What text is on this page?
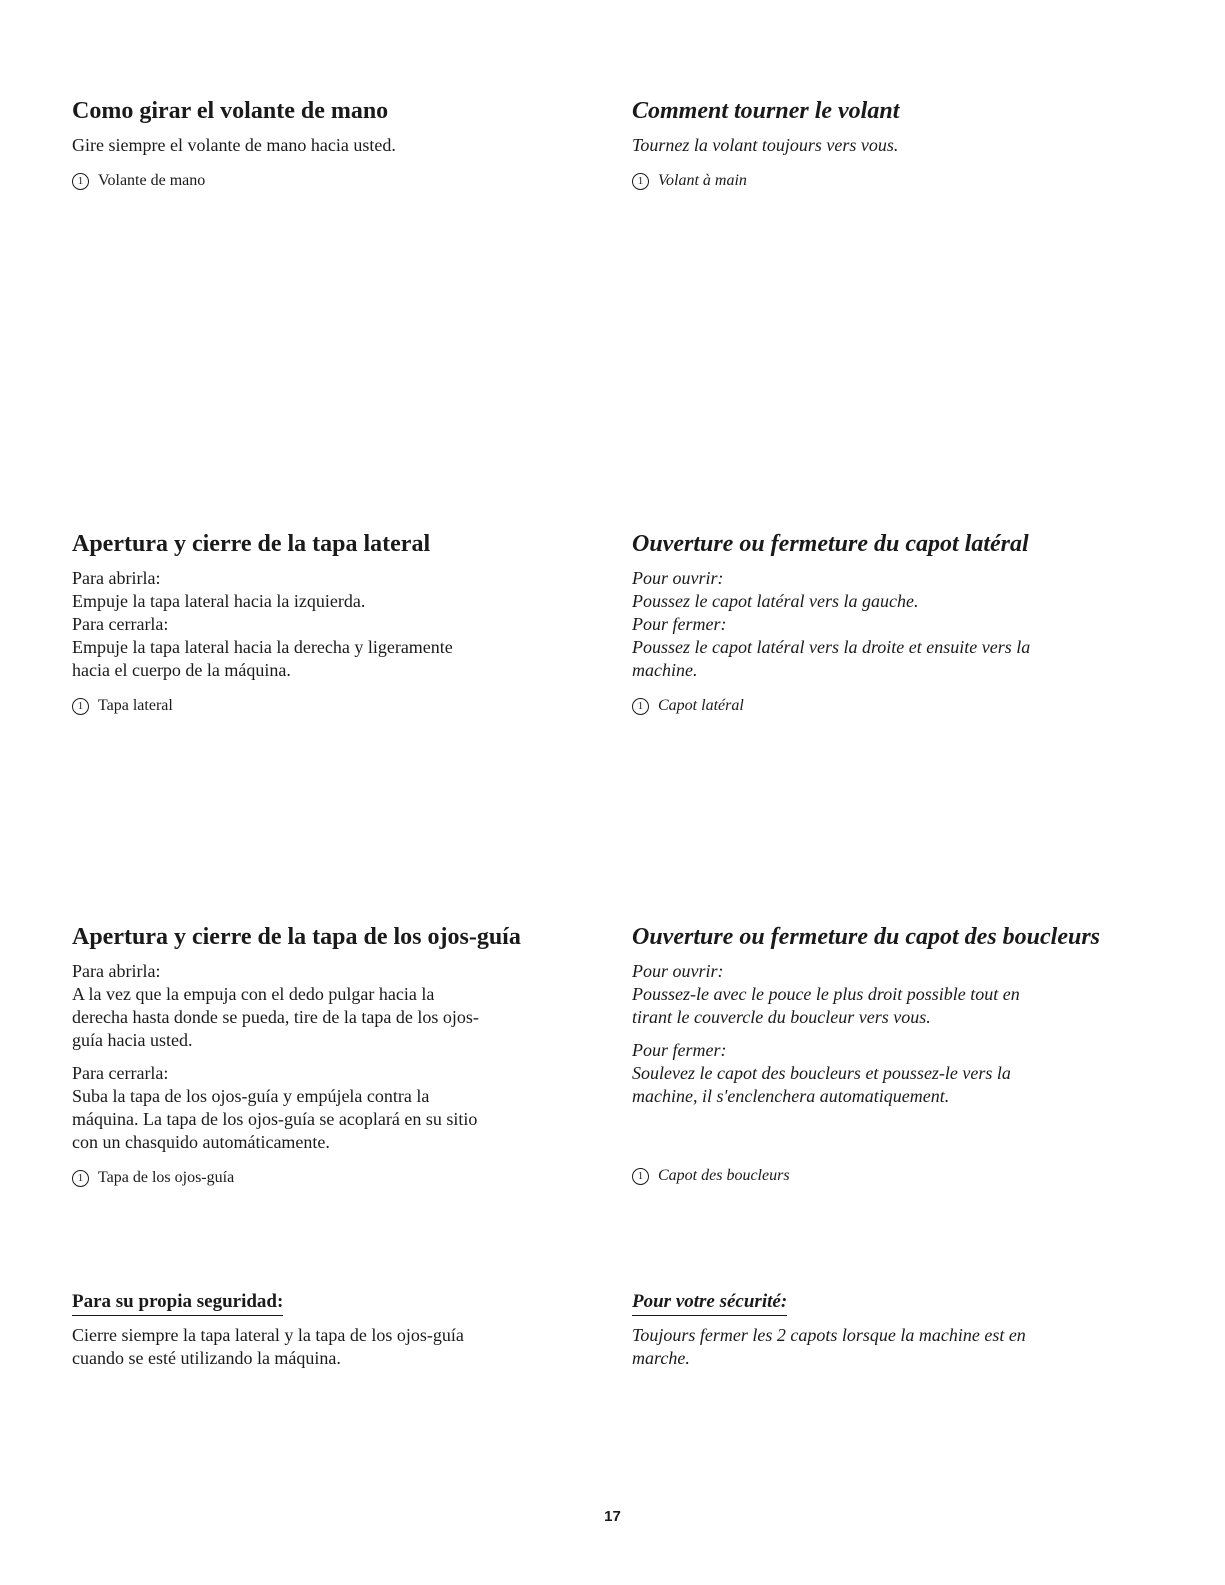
Como girar el volante de mano

Gire siempre el volante de mano hacia usted.

1 Volante de mano
Apertura y cierre de la tapa lateral

Para abrirla:

Empuje la tapa lateral hacia la izquierda.

Para cerrarla:

Empuje la tapa lateral hacia la derecha y ligeramente

hacia el cuerpo de la máquina.

1 Tapa lateral
Apertura y cierre de la tapa de los ojos-guía

Para abrirla:

A la vez que la empuja con el dedo pulgar hacia la

derecha hasta donde se pueda, tire de la tapa de los ojos-

guía hacia usted.

Para cerrarla:

Suba la tapa de los ojos-guía y empújela contra la

máquina. La tapa de los ojos-guía se acoplará en su sitio

con un chasquido automáticamente.

1 Tapa de los ojos-guía
Para su propia seguridad:

Cierre siempre la tapa lateral y la tapa de los ojos-guía

cuando se esté utilizando la máquina.

Comment tourner le volant

Tournez la volant toujours vers vous.

1 Volant à main
Ouverture ou fermeture du capot latéral

Pour ouvrir:

Poussez le capot latéral vers la gauche.

Pour fermer:

Poussez le capot latéral vers la droite et ensuite vers la

machine.

1 Capot latéral
Ouverture ou fermeture du capot des boucleurs

Pour ouvrir:

Poussez-le avec le pouce le plus droit possible tout en

tirant le couvercle du boucleur vers vous.

Pour fermer:

Soulevez le capot des boucleurs et poussez-le vers la

machine, il s'enclenchera automatiquement.

1 Capot des boucleurs
Pour votre sécurité:

Toujours fermer les 2 capots lorsque la machine est en

marche.

17
